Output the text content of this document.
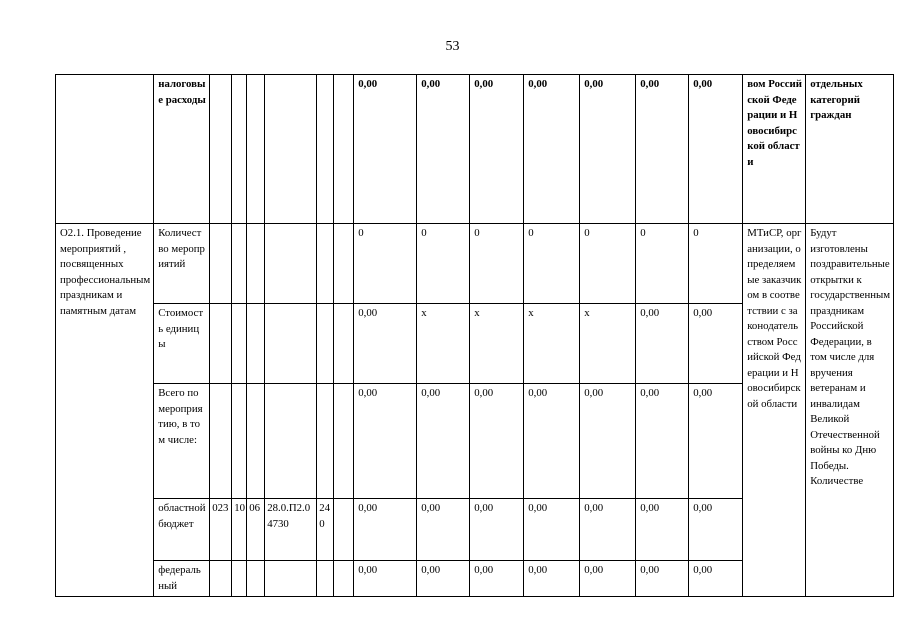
53
	налоговые расходы							0,00	0,00	0,00	0,00	0,00	0,00	0,00	вом Российской Федерации и Новосибирской области	отдельных категорий граждан
О2.1. Проведение мероприятий , посвященных профессиональным праздникам и памятным датам	Количество мероприятий							0	0	0	0	0	0	0	МТиСР, организации, определяемые заказчиком в соответствии с законодательством Российской Федерации и Новосибирской области	Будут изготовлены поздравительные открытки к государственным праздникам Российской Федерации, в том числе для вручения ветеранам и инвалидам Великой Отечественной войны ко Дню Победы. Количестве
	Стоимость единицы							0,00	х	х	х	х	0,00	0,00		
	Всего по мероприятию, в том числе:							0,00	0,00	0,00	0,00	0,00	0,00	0,00		
	областной бюджет	023	10	06	28.0.П2.04730	240		0,00	0,00	0,00	0,00	0,00	0,00	0,00		
	федеральный							0,00	0,00	0,00	0,00	0,00	0,00	0,00		
